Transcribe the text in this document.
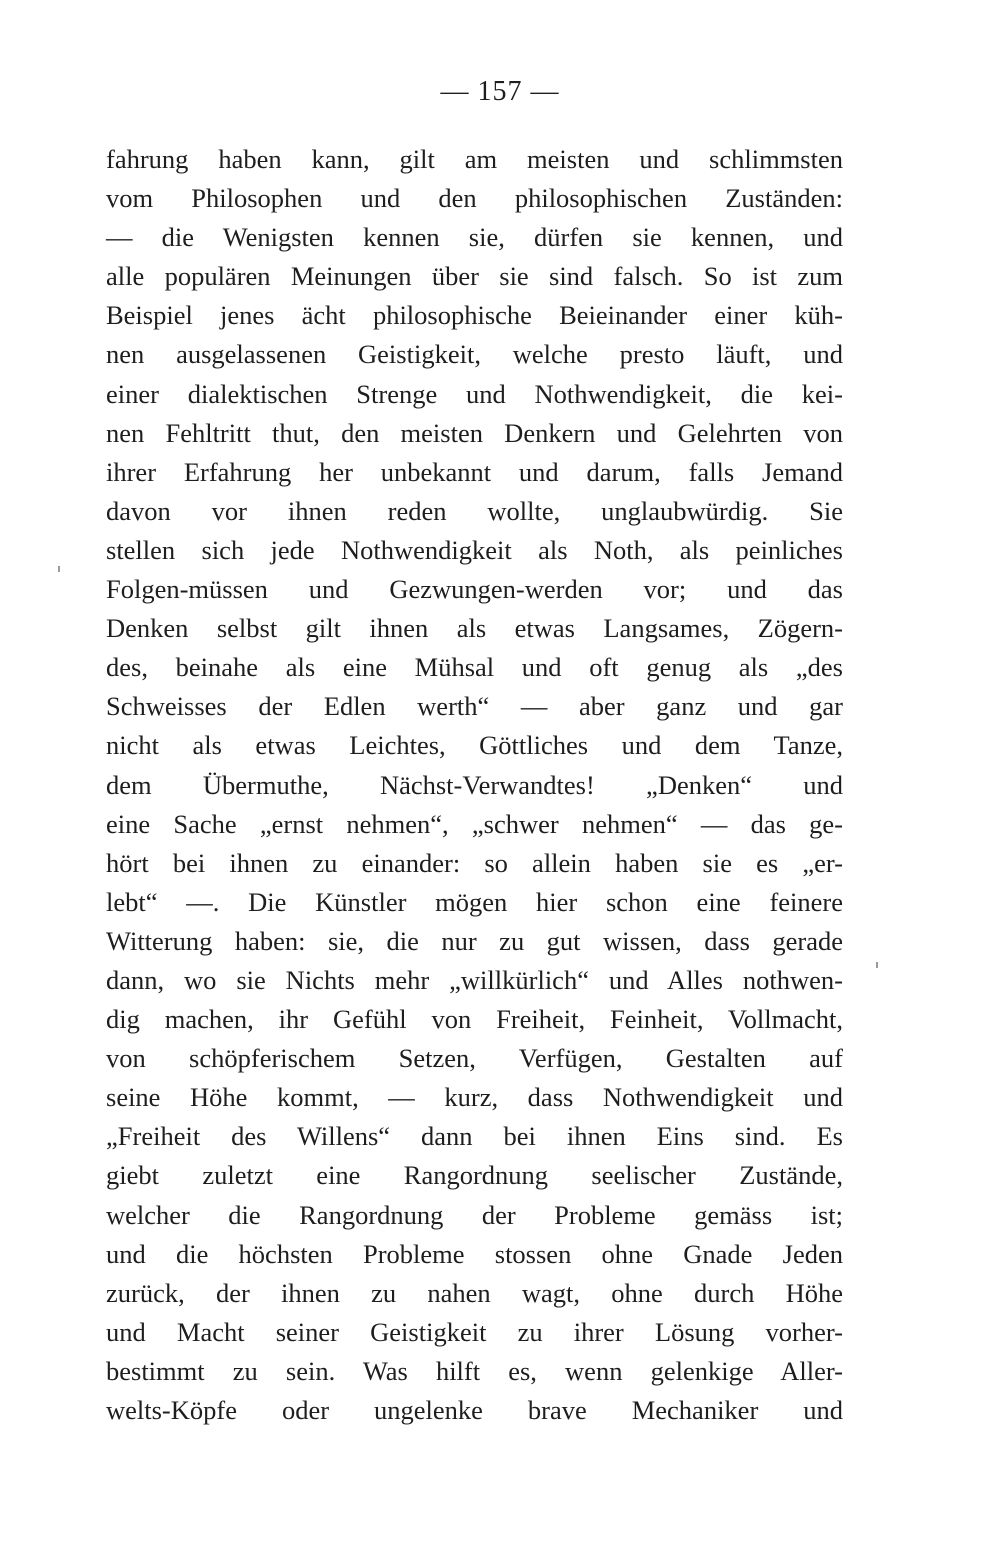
— 157 —
fahrung haben kann, gilt am meisten und schlimmsten
vom Philosophen und den philosophischen Zuständen:
— die Wenigsten kennen sie, dürfen sie kennen, und
alle populären Meinungen über sie sind falsch. So ist zum
Beispiel jenes ächt philosophische Beieinander einer küh-
nen ausgelassenen Geistigkeit, welche presto läuft, und
einer dialektischen Strenge und Nothwendigkeit, die kei-
nen Fehltritt thut, den meisten Denkern und Gelehrten von
ihrer Erfahrung her unbekannt und darum, falls Jemand
davon vor ihnen reden wollte, unglaubwürdig. Sie
stellen sich jede Nothwendigkeit als Noth, als peinliches
Folgen-müssen und Gezwungen-werden vor; und das
Denken selbst gilt ihnen als etwas Langsames, Zögern-
des, beinahe als eine Mühsal und oft genug als „des
Schweisses der Edlen werth“ — aber ganz und gar
nicht als etwas Leichtes, Göttliches und dem Tanze,
dem Übermuthe, Nächst-Verwandtes! „Denken“ und
eine Sache „ernst nehmen“, „schwer nehmen“ — das ge-
hört bei ihnen zu einander: so allein haben sie es „er-
lebt“ —. Die Künstler mögen hier schon eine feinere
Witterung haben: sie, die nur zu gut wissen, dass gerade
dann, wo sie Nichts mehr „willkürlich“ und Alles nothwen-
dig machen, ihr Gefühl von Freiheit, Feinheit, Vollmacht,
von schöpferischem Setzen, Verfügen, Gestalten auf
seine Höhe kommt, — kurz, dass Nothwendigkeit und
„Freiheit des Willens“ dann bei ihnen Eins sind. Es
giebt zuletzt eine Rangordnung seelischer Zustände,
welcher die Rangordnung der Probleme gemäss ist;
und die höchsten Probleme stossen ohne Gnade Jeden
zurück, der ihnen zu nahen wagt, ohne durch Höhe
und Macht seiner Geistigkeit zu ihrer Lösung vorher-
bestimmt zu sein. Was hilft es, wenn gelenkige Aller-
welts-Köpfe oder ungelenke brave Mechaniker und
